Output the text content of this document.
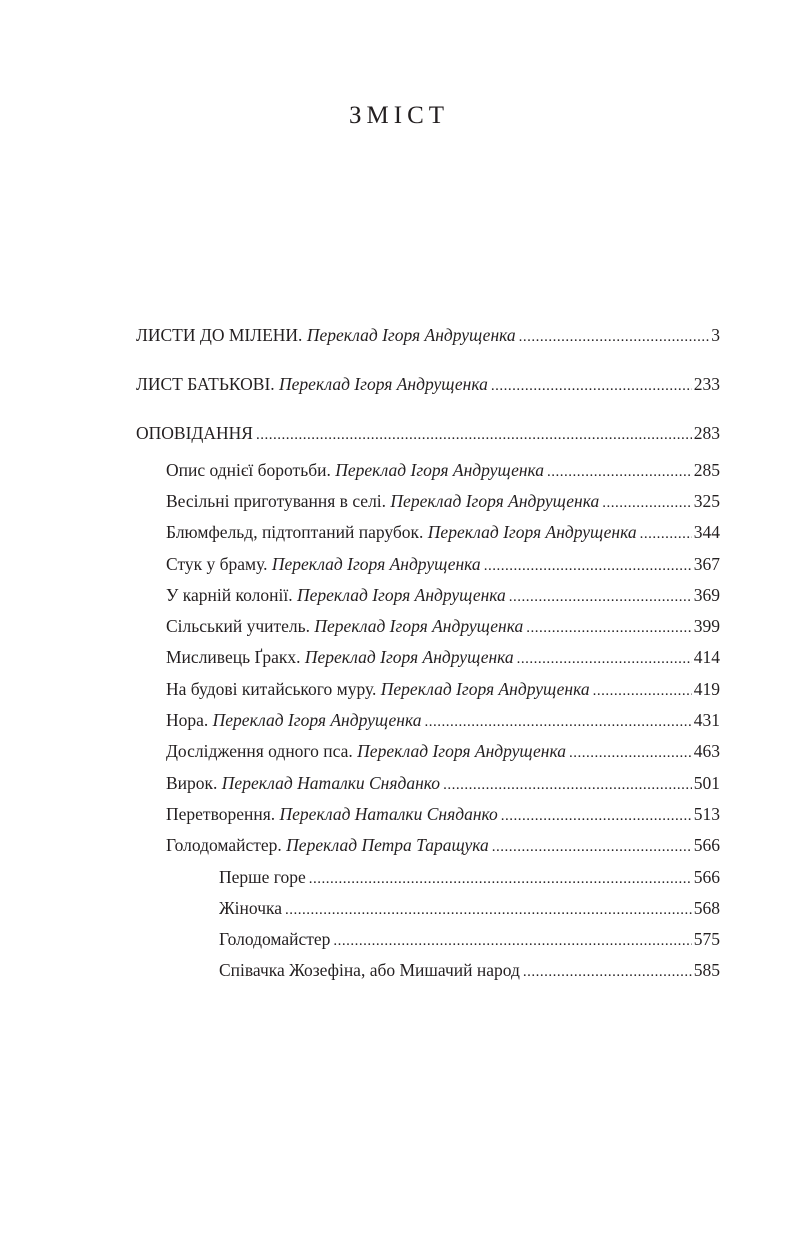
ЗМІСТ
ЛИСТИ ДО МІЛЕНИ. Переклад Ігоря Андрущенка .....	3
ЛИСТ БАТЬКОВІ. Переклад Ігоря Андрущенка .....	233
ОПОВІДАННЯ .....	283
Опис однієї боротьби. Переклад Ігоря Андрущенка .....	285
Весільні приготування в селі. Переклад Ігоря Андрущенка .....	325
Блюмфельд, підтоптаний парубок. Переклад Ігоря Андрущенка .....	344
Стук у браму. Переклад Ігоря Андрущенка .....	367
У карній колонії. Переклад Ігоря Андрущенка .....	369
Сільський учитель. Переклад Ігоря Андрущенка .....	399
Мисливець Ґракх. Переклад Ігоря Андрущенка .....	414
На будові китайського муру. Переклад Ігоря Андрущенка .....	419
Нора. Переклад Ігоря Андрущенка .....	431
Дослідження одного пса. Переклад Ігоря Андрущенка .....	463
Вирок. Переклад Наталки Сняданко .....	501
Перетворення. Переклад Наталки Сняданко .....	513
Голодомайстер. Переклад Петра Таращука .....	566
Перше горе .....	566
Жіночка .....	568
Голодомайстер .....	575
Співачка Жозефіна, або Мишачий народ .....	585
